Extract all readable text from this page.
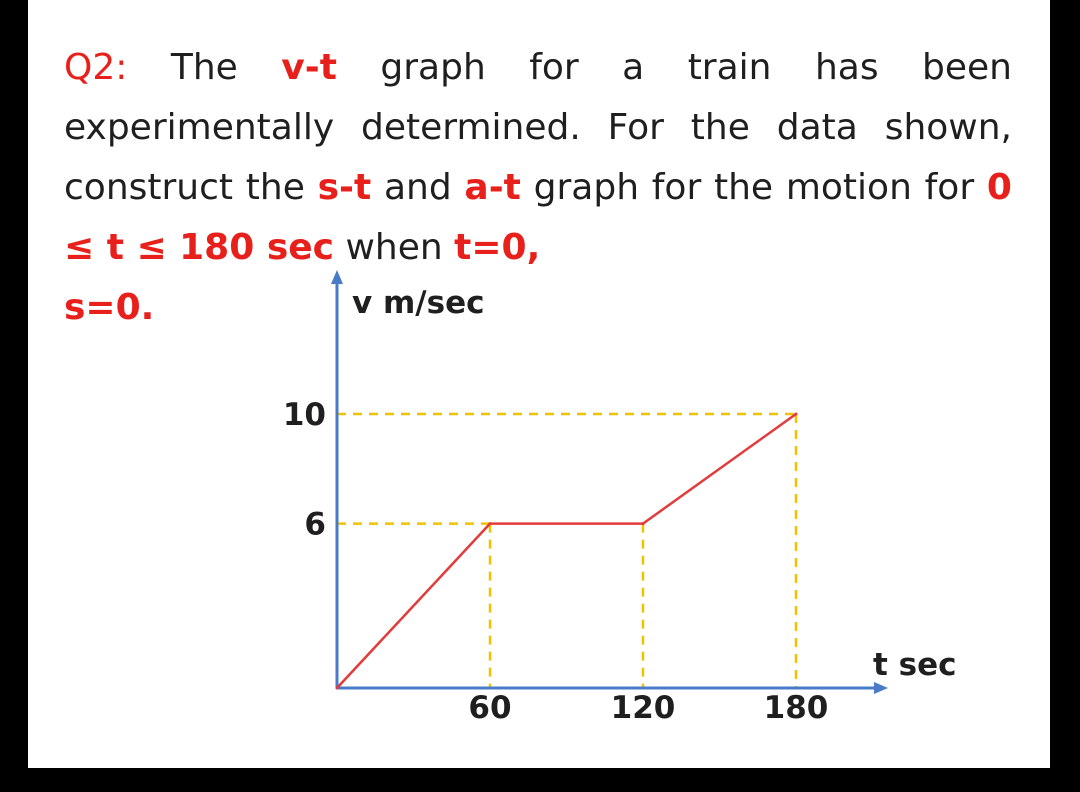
Q2: The v-t graph for a train has been experimentally determined. For the data shown, construct the s-t and a-t graph for the motion for 0 ≤ t ≤ 180 sec when t=0,
s=0.
60	120	180
6
10
v m/sec
t sec
